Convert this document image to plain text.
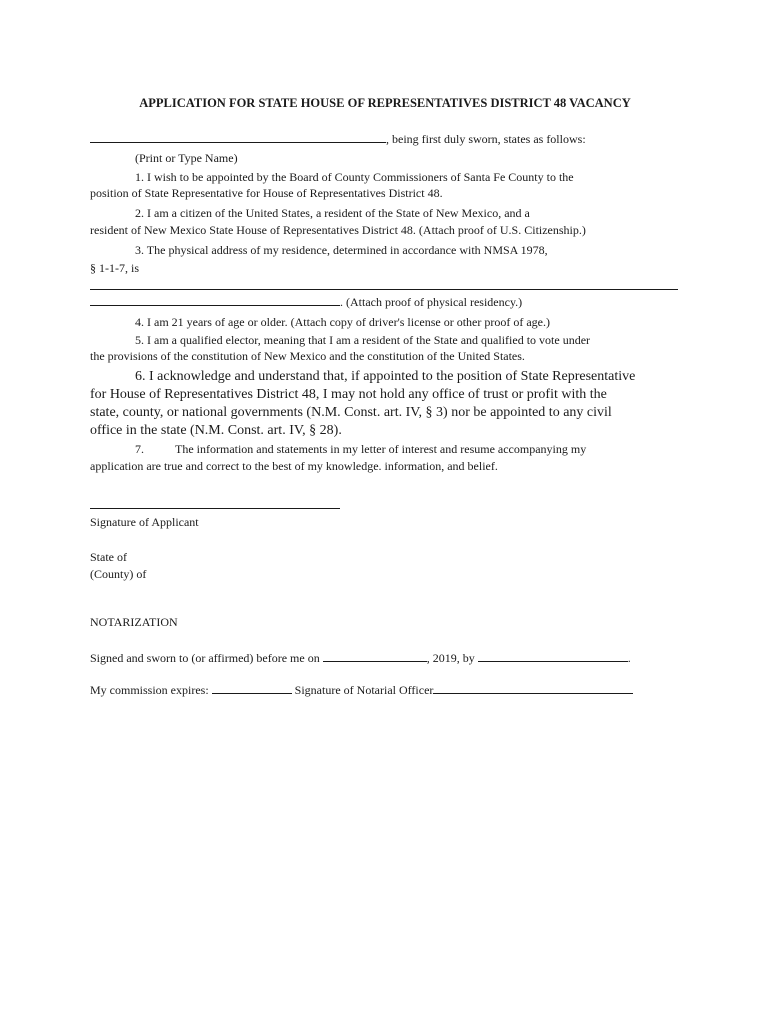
APPLICATION FOR STATE HOUSE OF REPRESENTATIVES DISTRICT 48 VACANCY

, being first duly sworn, states as follows:

(Print or Type Name)

1. I wish to be appointed by the Board of County Commissioners of Santa Fe County to the

position of State Representative for House of Representatives District 48.

2. I am a citizen of the United States, a resident of the State of New Mexico, and a

resident of New Mexico State House of Representatives District 48. (Attach proof of U.S. Citizenship.)

3. The physical address of my residence, determined in accordance with NMSA 1978,

§ 1-1-7, is

. (Attach proof of physical residency.)

4. I am 21 years of age or older. (Attach copy of driver's license or other proof of age.)

5. I am a qualified elector, meaning that I am a resident of the State and qualified to vote under

the provisions of the constitution of New Mexico and the constitution of the United States.

6. I acknowledge and understand that, if appointed to the position of State Representative

for House of Representatives District 48, I may not hold any office of trust or profit with the

state, county, or national governments (N.M. Const. art. IV, § 3) nor be appointed to any civil

office in the state (N.M. Const. art. IV, § 28).

7.	The information and statements in my letter of interest and resume accompanying my

application are true and correct to the best of my knowledge. information, and belief.

Signature of Applicant

State of

(County) of

NOTARIZATION

Signed and sworn to (or affirmed) before me on	, 2019, by	.

My commission expires:	Signature of Notarial Officer
